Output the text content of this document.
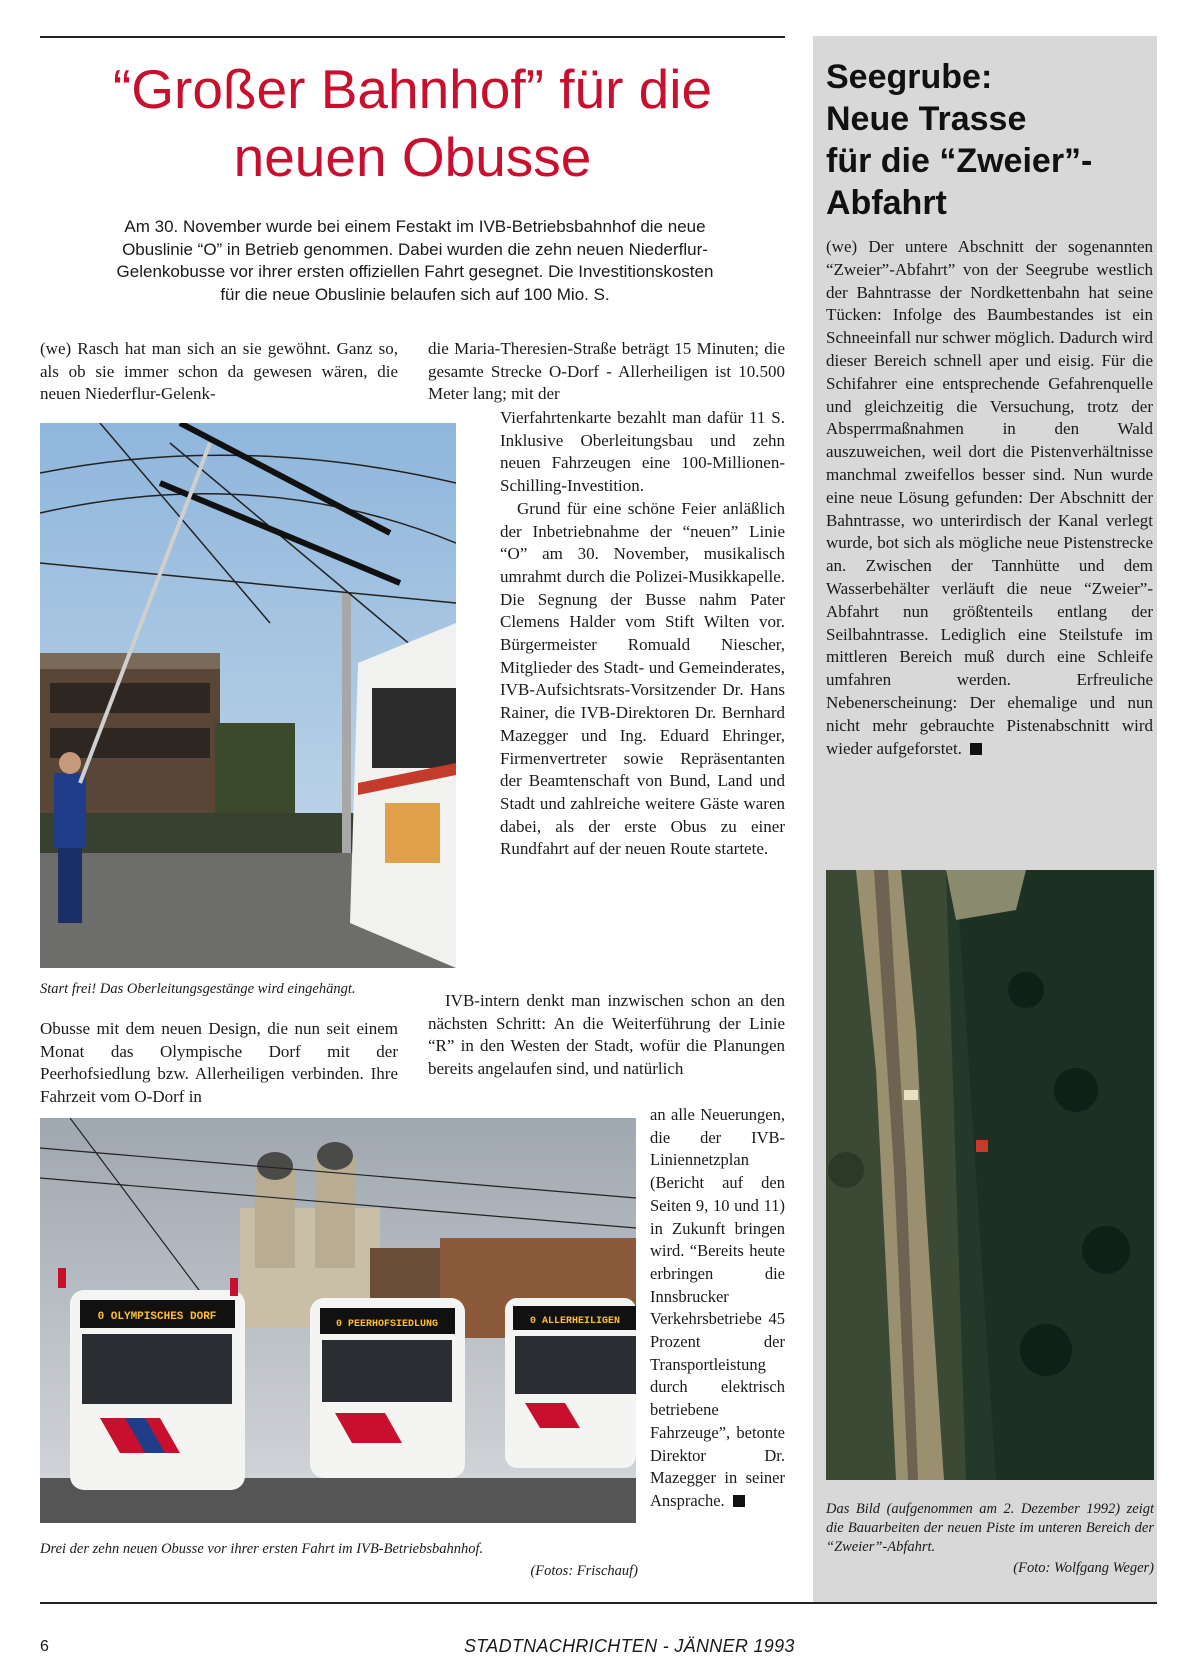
“Großer Bahnhof” für die
neuen Obusse

Am 30. November wurde bei einem Festakt im IVB-Betriebsbahnhof die neue
Obuslinie “O” in Betrieb genommen. Dabei wurden die zehn neuen Niederflur-
Gelenkobusse vor ihrer ersten offiziellen Fahrt gesegnet. Die Investitionskosten
für die neue Obuslinie belaufen sich auf 100 Mio. S.

(we) Rasch hat man sich an sie gewöhnt. Ganz so, als ob sie immer schon da gewesen wären, die neuen Niederflur-Gelenk-

Start frei! Das Oberleitungsgestänge wird eingehängt.

Obusse mit dem neuen Design, die nun seit einem Monat das Olympische Dorf mit der Peerhofsiedlung bzw. Allerheiligen verbinden. Ihre Fahrzeit vom O-Dorf in

die Maria-Theresien-Straße beträgt 15 Minuten; die gesamte Strecke O-Dorf - Allerheiligen ist 10.500 Meter lang; mit der

Vierfahrtenkarte bezahlt man dafür 11 S. Inklusive Oberleitungsbau und zehn neuen Fahrzeugen eine 100-Millionen-Schilling-Investition.

Grund für eine schöne Feier anläßlich der Inbetriebnahme der “neuen” Linie “O” am 30. November, musikalisch umrahmt durch die Polizei-Musikkapelle. Die Segnung der Busse nahm Pater Clemens Halder vom Stift Wilten vor. Bürgermeister Romuald Niescher, Mitglieder des Stadt- und Gemeinderates, IVB-Aufsichtsrats-Vorsitzender Dr. Hans Rainer, die IVB-Direktoren Dr. Bernhard Mazegger und Ing. Eduard Ehringer, Firmenvertreter sowie Repräsentanten der Beamtenschaft von Bund, Land und Stadt und zahlreiche weitere Gäste waren dabei, als der erste Obus zu einer Rundfahrt auf der neuen Route startete.

IVB-intern denkt man inzwischen schon an den nächsten Schritt: An die Weiterführung der Linie “R” in den Westen der Stadt, wofür die Planungen bereits angelaufen sind, und natürlich

an alle Neuerungen, die der IVB-Liniennetzplan (Bericht auf den Seiten 9, 10 und 11) in Zukunft bringen wird. “Bereits heute erbringen die Innsbrucker Verkehrsbetriebe 45 Prozent der Transportleistung durch elektrisch betriebene Fahrzeuge”, betonte Direktor Dr. Mazegger in seiner Ansprache.

0 OLYMPISCHES DORF
0 PEERHOFSIEDLUNG	0 ALLERHEILIGEN

Drei der zehn neuen Obusse vor ihrer ersten Fahrt im IVB-Betriebsbahnhof.

(Fotos: Frischauf)

Seegrube:
Neue Trasse
für die “Zweier”-
Abfahrt

(we) Der untere Abschnitt der sogenannten “Zweier”-Abfahrt” von der Seegrube westlich der Bahntrasse der Nordkettenbahn hat seine Tücken: Infolge des Baumbestandes ist ein Schneeinfall nur schwer möglich. Dadurch wird dieser Bereich schnell aper und eisig. Für die Schifahrer eine entsprechende Gefahrenquelle und gleichzeitig die Versuchung, trotz der Absperrmaßnahmen in den Wald auszuweichen, weil dort die Pistenverhältnisse manchmal zweifellos besser sind. Nun wurde eine neue Lösung gefunden: Der Abschnitt der Bahntrasse, wo unterirdisch der Kanal verlegt wurde, bot sich als mögliche neue Pistenstrecke an. Zwischen der Tannhütte und dem Wasserbehälter verläuft die neue “Zweier”-Abfahrt nun größtenteils entlang der Seilbahntrasse. Lediglich eine Steilstufe im mittleren Bereich muß durch eine Schleife umfahren werden. Erfreuliche Nebenerscheinung: Der ehemalige und nun nicht mehr gebrauchte Pistenabschnitt wird wieder aufgeforstet.

Das Bild (aufgenommen am 2. Dezember 1992) zeigt die Bauarbeiten der neuen Piste im unteren Bereich der “Zweier”-Abfahrt.

(Foto: Wolfgang Weger)

6	STADTNACHRICHTEN - JÄNNER 1993
